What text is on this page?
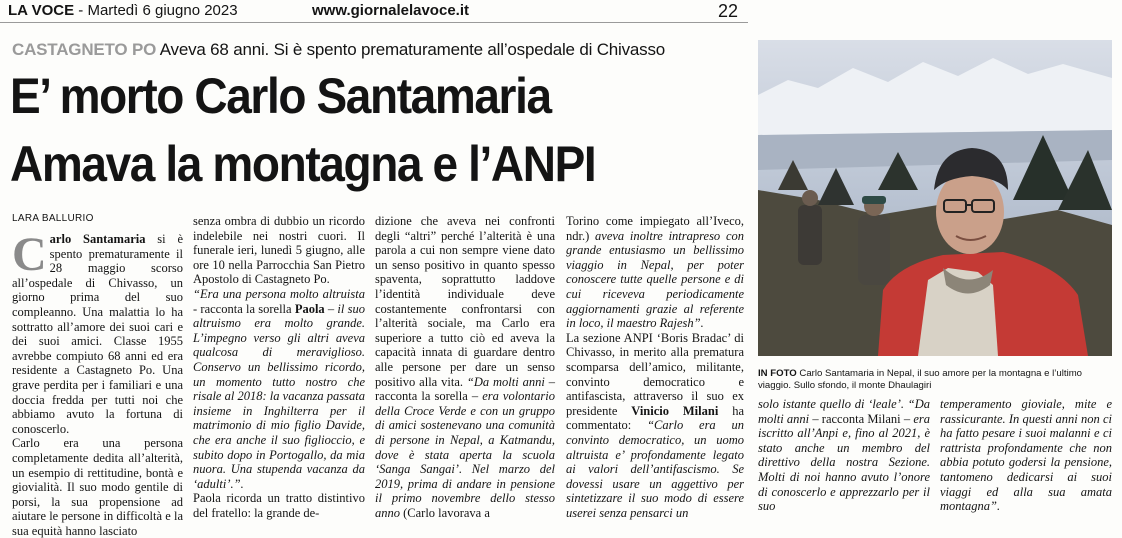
LA VOCE - Martedì 6 giugno 2023	www.giornalelavoce.it	22
CASTAGNETO PO Aveva 68 anni. Si è spento prematuramente all’ospedale di Chivasso
E’ morto Carlo Santamaria
Amava la montagna e l’ANPI
LARA BALLURIO

Carlo Santamaria si è spento prematuramente il 28 maggio scorso all’ospedale di Chivasso, un giorno prima del suo compleanno. Una malattia lo ha sottratto all’amore dei suoi cari e dei suoi amici. Classe 1955 avrebbe compiuto 68 anni ed era residente a Castagneto Po. Una grave perdita per i familiari e una doccia fredda per tutti noi che abbiamo avuto la fortuna di conoscerlo.

Carlo era una persona completamente dedita all’alterità, un esempio di rettitudine, bontà e giovialità. Il suo modo gentile di porsi, la sua propensione ad aiutare le persone in difficoltà e la sua equità hanno lasciato

senza ombra di dubbio un ricordo indelebile nei nostri cuori. Il funerale ieri, lunedì 5 giugno, alle ore 10 nella Parrocchia San Pietro Apostolo di Castagneto Po.

“Era una persona molto altruista - racconta la sorella Paola – il suo altruismo era molto grande. L’impegno verso gli altri aveva qualcosa di meraviglioso. Conservo un bellissimo ricordo, un momento tutto nostro che risale al 2018: la vacanza passata insieme in Inghilterra per il matrimonio di mio figlio Davide, che era anche il suo figlioccio, e subito dopo in Portogallo, da mia nuora. Una stupenda vacanza da ‘adulti’.”.

Paola ricorda un tratto distintivo del fratello: la grande de-

dizione che aveva nei confronti degli “altri” perché l’alterità è una parola a cui non sempre viene dato un senso positivo in quanto spesso spaventa, soprattutto laddove l’identità individuale deve costantemente confrontarsi con l’alterità sociale, ma Carlo era superiore a tutto ciò ed aveva la capacità innata di guardare dentro alle persone per dare un senso positivo alla vita. “Da molti anni – racconta la sorella – era volontario della Croce Verde e con un gruppo di amici sostenevano una comunità di persone in Nepal, a Katmandu, dove è stata aperta la scuola ‘Sanga Sangai’. Nel marzo del 2019, prima di andare in pensione il primo novembre dello stesso anno (Carlo lavorava a

Torino come impiegato all’Iveco, ndr.) aveva inoltre intrapreso con grande entusiasmo un bellissimo viaggio in Nepal, per poter conoscere tutte quelle persone e di cui riceveva periodicamente aggiornamenti grazie al referente in loco, il maestro Rajesh”.

La sezione ANPI ‘Boris Bradac’ di Chivasso, in merito alla prematura scomparsa dell’amico, militante, convinto democratico e antifascista, attraverso il suo ex presidente Vinicio Milani ha commentato: “Carlo era un convinto democratico, un uomo altruista e’ profondamente legato ai valori dell’antifascismo. Se dovessi usare un aggettivo per sintetizzare il suo modo di essere userei senza pensarci un

IN FOTO Carlo Santamaria in Nepal, il suo amore per la montagna e l’ultimo viaggio. Sullo sfondo, il monte Dhaulagiri

solo istante quello di ‘leale’. “Da molti anni – racconta Milani – era iscritto all’Anpi e, fino al 2021, è stato anche un membro del direttivo della nostra Sezione. Molti di noi hanno avuto l’onore di conoscerlo e apprezzarlo per il suo

temperamento gioviale, mite e rassicurante. In questi anni non ci ha fatto pesare i suoi malanni e ci rattrista profondamente che non abbia potuto godersi la pensione, tantomeno dedicarsi ai suoi viaggi ed alla sua amata montagna”.
